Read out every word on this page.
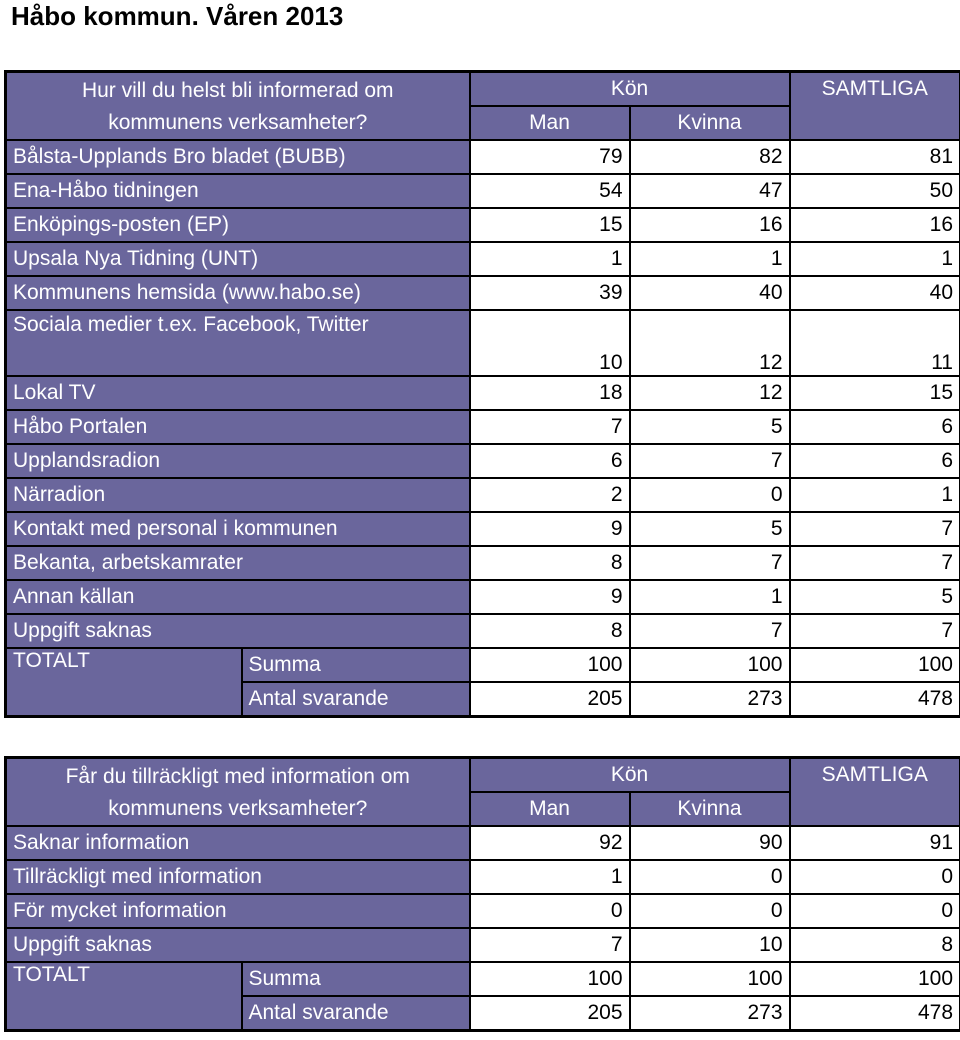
Håbo kommun. Våren 2013
Hur vill du helst bli informerad om
kommunens verksamheter?		Kön		SAMTLIGA
		Man	Kvinna	
Bålsta-Upplands Bro bladet (BUBB)		79	82	81
Ena-Håbo tidningen		54	47	50
Enköpings-posten (EP)		15	16	16
Upsala Nya Tidning (UNT)		1	1	1
Kommunens hemsida (www.habo.se)		39	40	40
Sociala medier t.ex. Facebook, Twitter		10	12	11
Lokal TV		18	12	15
Håbo Portalen		7	5	6
Upplandsradion		6	7	6
Närradion		2	0	1
Kontakt med personal i kommunen		9	5	7
Bekanta, arbetskamrater		8	7	7
Annan källan		9	1	5
Uppgift saknas		8	7	7
TOTALT	Summa	100	100	100
	Antal svarande	205	273	478
Får du tillräckligt med information om
kommunens verksamheter?		Kön		SAMTLIGA
		Man	Kvinna	
Saknar information		92	90	91
Tillräckligt med information		1	0	0
För mycket information		0	0	0
Uppgift saknas		7	10	8
TOTALT	Summa	100	100	100
	Antal svarande	205	273	478
